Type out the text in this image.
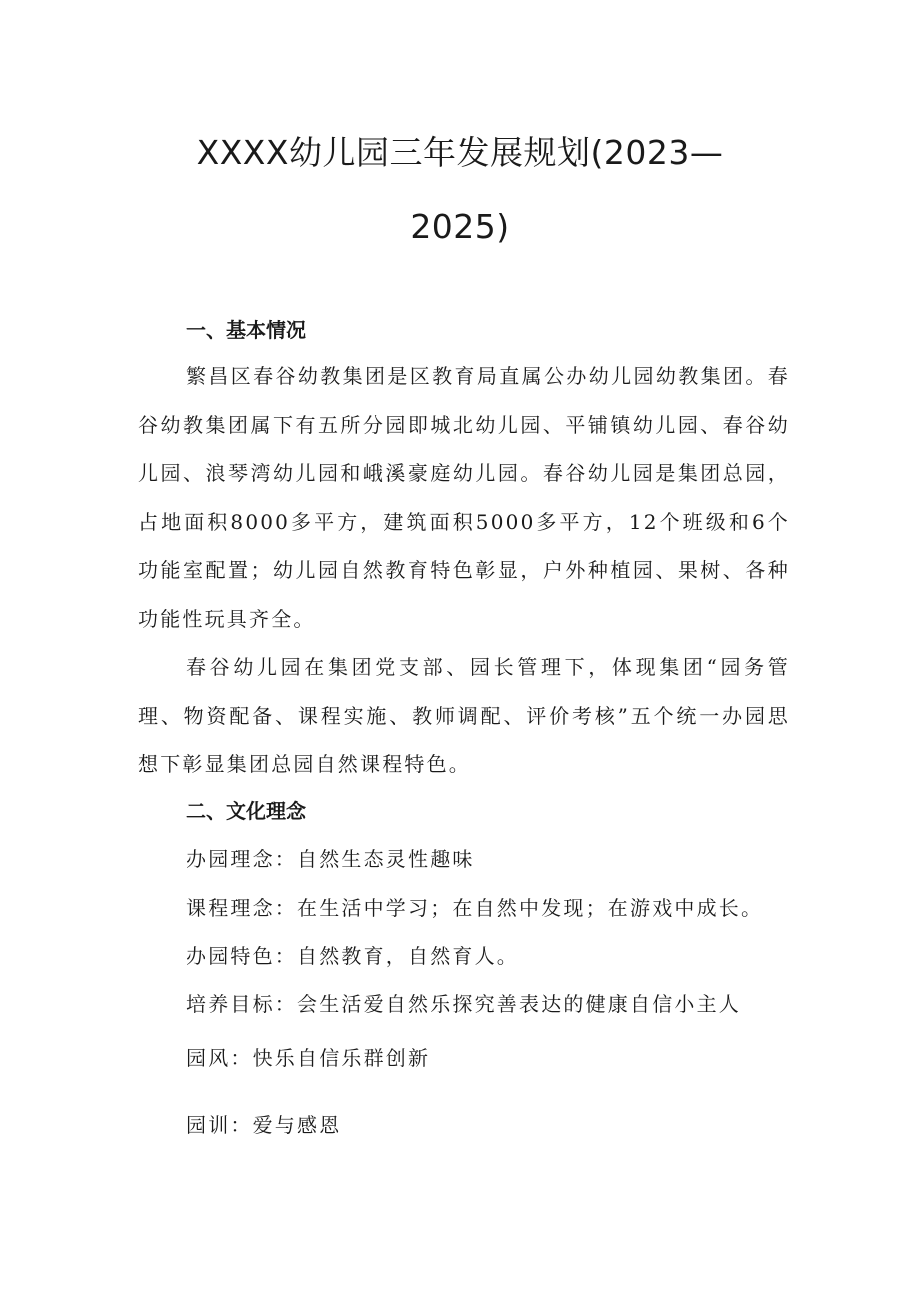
XXXX幼儿园三年发展规划(2023—
2025)
一、基本情况

繁昌区春谷幼教集团是区教育局直属公办幼儿园幼教集团。春谷幼教集团属下有五所分园即城北幼儿园、平铺镇幼儿园、春谷幼儿园、浪琴湾幼儿园和峨溪豪庭幼儿园。春谷幼儿园是集团总园，占地面积8000多平方，建筑面积5000多平方，12个班级和6个功能室配置；幼儿园自然教育特色彰显，户外种植园、果树、各种功能性玩具齐全。

春谷幼儿园在集团党支部、园长管理下，体现集团“园务管理、物资配备、课程实施、教师调配、评价考核”五个统一办园思想下彰显集团总园自然课程特色。

二、文化理念

办园理念：自然生态灵性趣味

课程理念：在生活中学习；在自然中发现；在游戏中成长。

办园特色：自然教育，自然育人。

培养目标：会生活爱自然乐探究善表达的健康自信小主人

园风：快乐自信乐群创新

园训：爱与感恩
